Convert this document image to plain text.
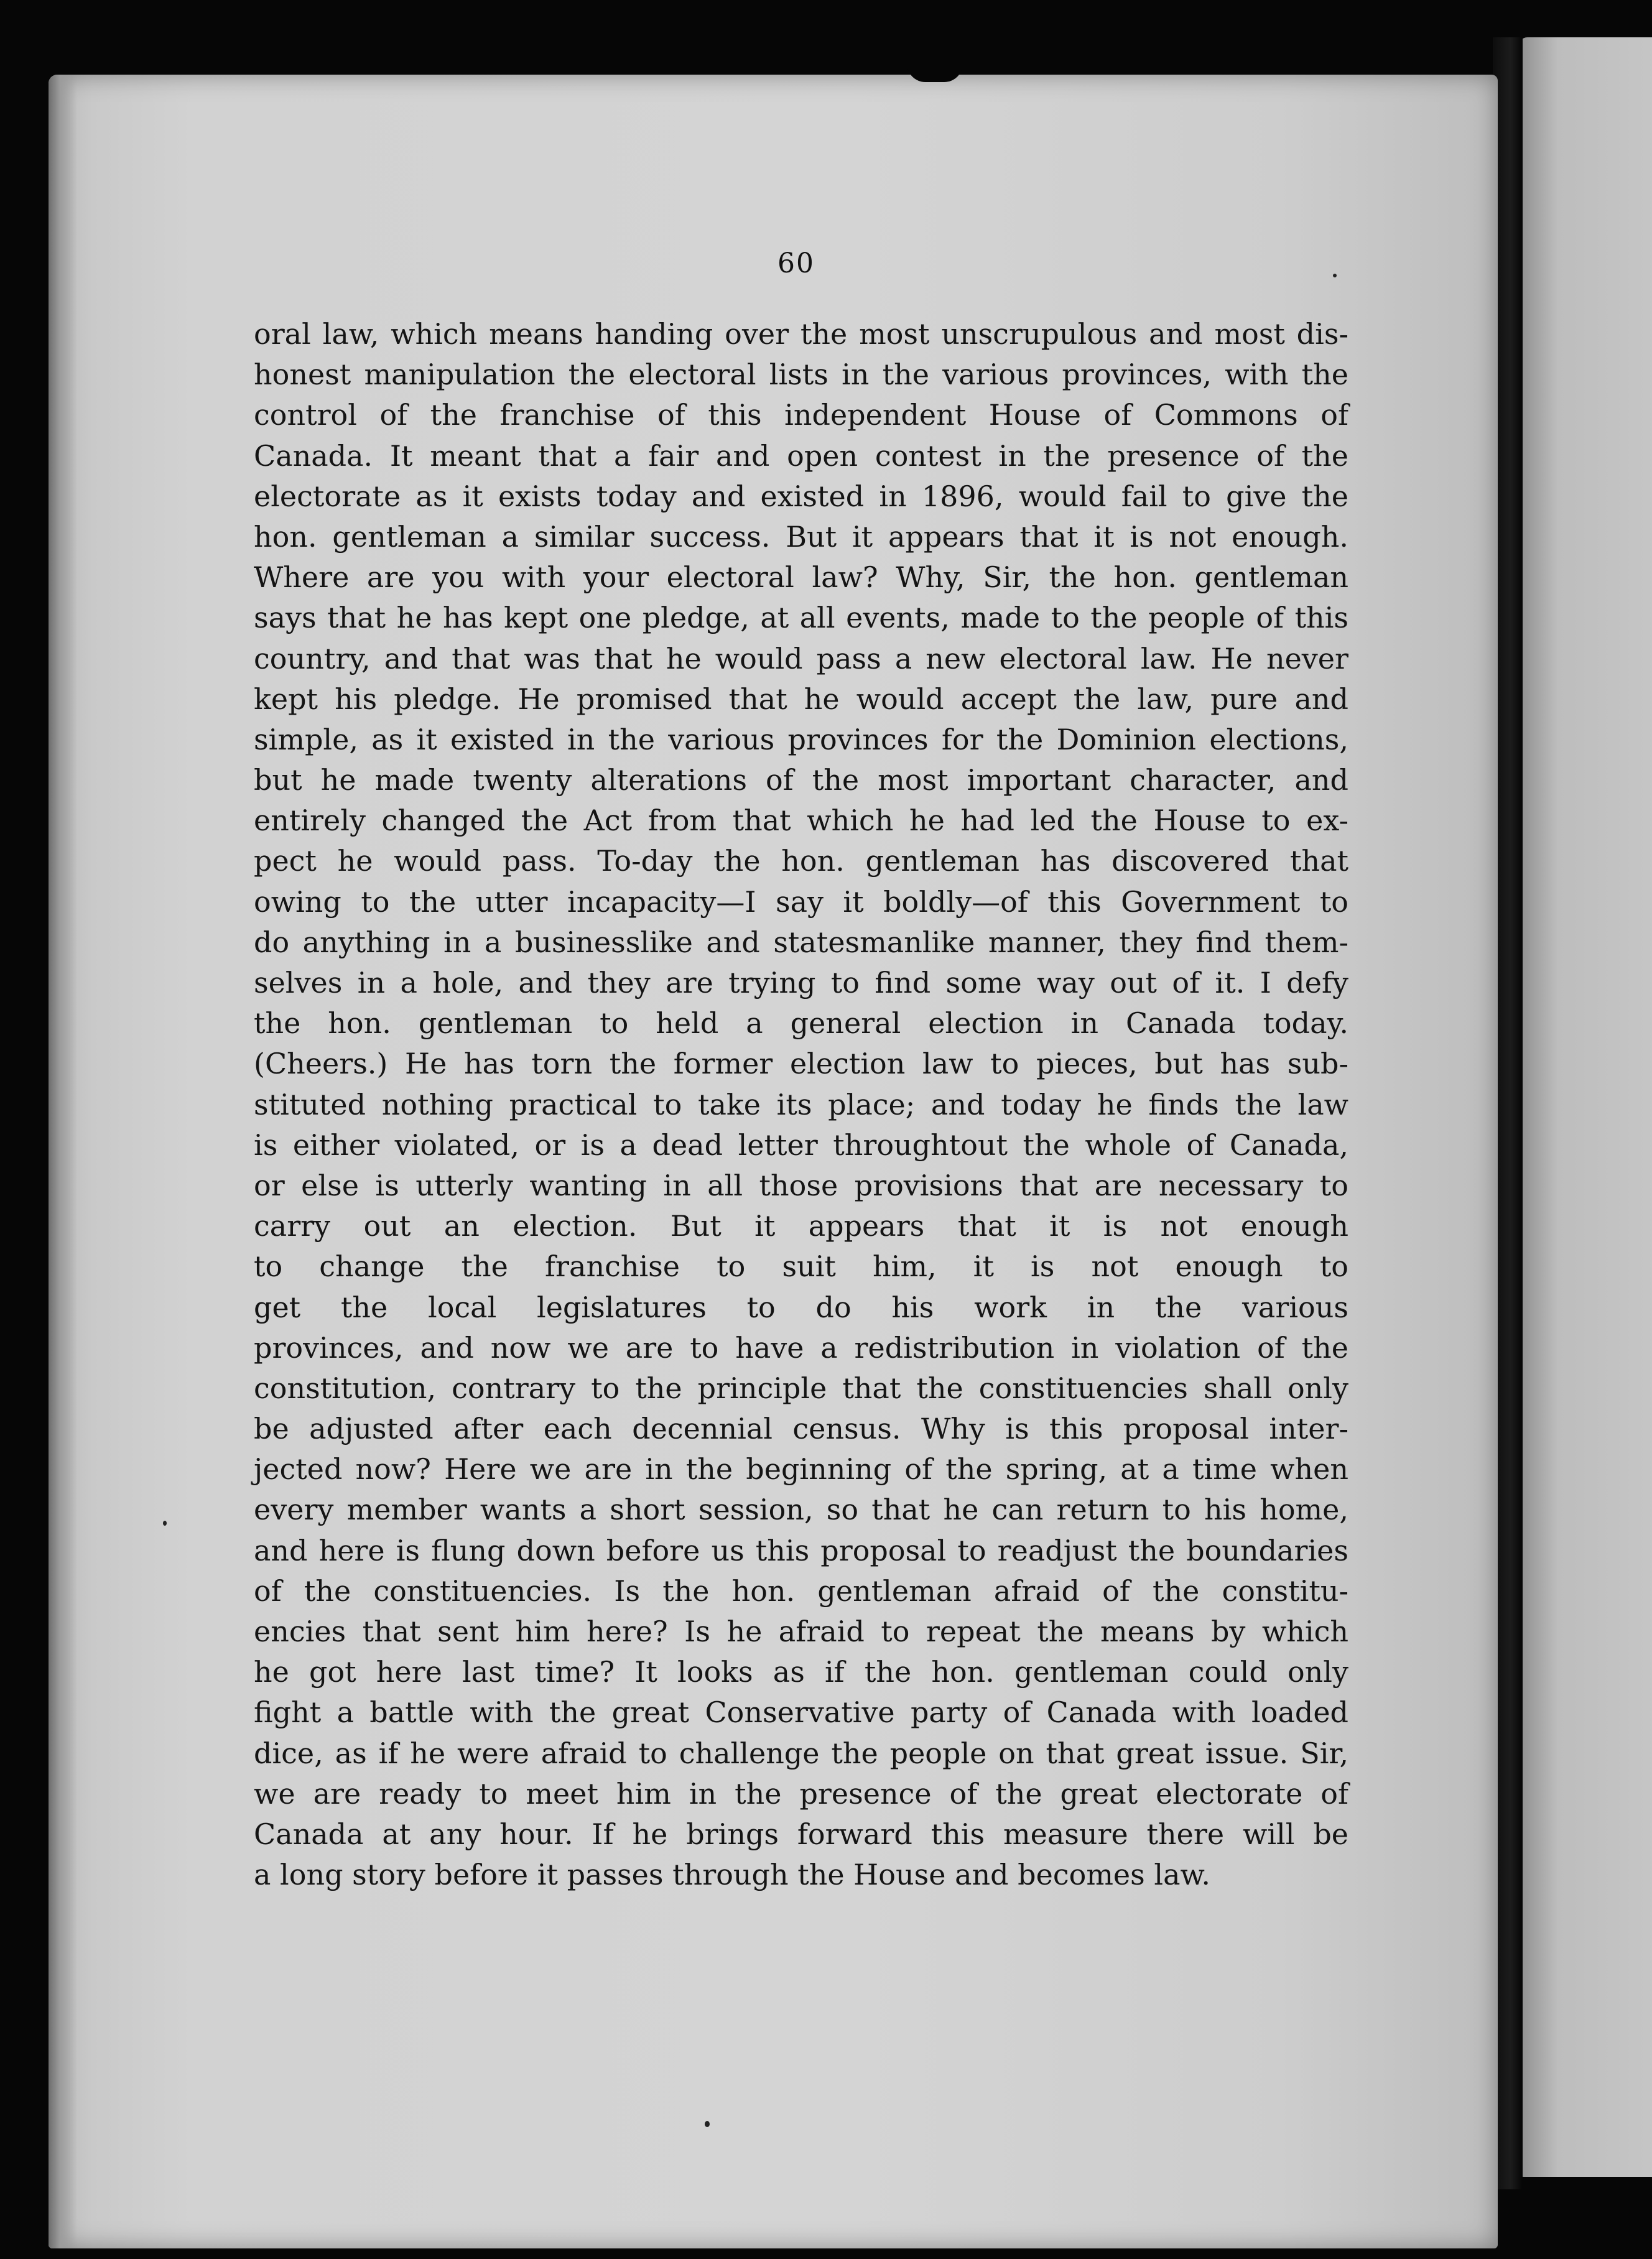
60
oral law, which means handing over the most unscrupulous and most dis-
honest manipulation the electoral lists in the various provinces, with the
control of the franchise of this independent House of Commons of
Canada. It meant that a fair and open contest in the presence of the
electorate as it exists today and existed in 1896, would fail to give the
hon. gentleman a similar success. But it appears that it is not enough.
Where are you with your electoral law? Why, Sir, the hon. gentleman
says that he has kept one pledge, at all events, made to the people of this
country, and that was that he would pass a new electoral law. He never
kept his pledge. He promised that he would accept the law, pure and
simple, as it existed in the various provinces for the Dominion elections,
but he made twenty alterations of the most important character, and
entirely changed the Act from that which he had led the House to ex-
pect he would pass. To-day the hon. gentleman has discovered that
owing to the utter incapacity—I say it boldly—of this Government to
do anything in a businesslike and statesmanlike manner, they find them-
selves in a hole, and they are trying to find some way out of it. I defy
the hon. gentleman to held a general election in Canada today.
(Cheers.) He has torn the former election law to pieces, but has sub-
stituted nothing practical to take its place; and today he finds the law
is either violated, or is a dead letter throughtout the whole of Canada,
or else is utterly wanting in all those provisions that are necessary to
carry out an election. But it appears that it is not enough
to change the franchise to suit him, it is not enough to
get the local legislatures to do his work in the various
provinces, and now we are to have a redistribution in violation of the
constitution, contrary to the principle that the constituencies shall only
be adjusted after each decennial census. Why is this proposal inter-
jected now? Here we are in the beginning of the spring, at a time when
every member wants a short session, so that he can return to his home,
and here is flung down before us this proposal to readjust the boundaries
of the constituencies. Is the hon. gentleman afraid of the constitu-
encies that sent him here? Is he afraid to repeat the means by which
he got here last time? It looks as if the hon. gentleman could only
fight a battle with the great Conservative party of Canada with loaded
dice, as if he were afraid to challenge the people on that great issue. Sir,
we are ready to meet him in the presence of the great electorate of
Canada at any hour. If he brings forward this measure there will be
a long story before it passes through the House and becomes law.
